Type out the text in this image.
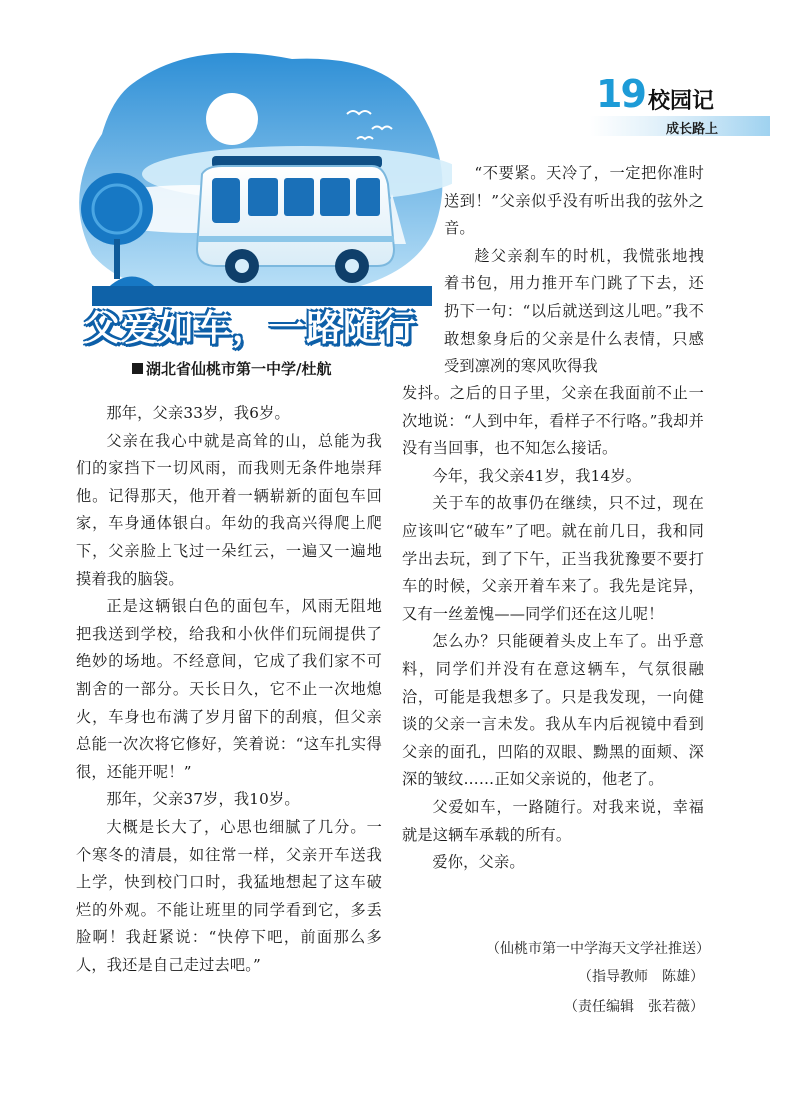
19 校园记
成长路上
父爱如车，一路随行
湖北省仙桃市第一中学/杜航

那年，父亲33岁，我6岁。

父亲在我心中就是高耸的山，总能为我们的家挡下一切风雨，而我则无条件地崇拜他。记得那天，他开着一辆崭新的面包车回家，车身通体银白。年幼的我高兴得爬上爬下，父亲脸上飞过一朵红云，一遍又一遍地摸着我的脑袋。

正是这辆银白色的面包车，风雨无阻地把我送到学校，给我和小伙伴们玩闹提供了绝妙的场地。不经意间，它成了我们家不可割舍的一部分。天长日久，它不止一次地熄火，车身也布满了岁月留下的刮痕，但父亲总能一次次将它修好，笑着说：“这车扎实得很，还能开呢！”

那年，父亲37岁，我10岁。

大概是长大了，心思也细腻了几分。一个寒冬的清晨，如往常一样，父亲开车送我上学，快到校门口时，我猛地想起了这车破烂的外观。不能让班里的同学看到它，多丢脸啊！我赶紧说：“快停下吧，前面那么多人，我还是自己走过去吧。”

“不要紧。天冷了，一定把你准时送到！”父亲似乎没有听出我的弦外之音。

趁父亲刹车的时机，我慌张地拽着书包，用力推开车门跳了下去，还扔下一句：“以后就送到这儿吧。”我不敢想象身后的父亲是什么表情，只感受到凛冽的寒风吹得我

发抖。之后的日子里，父亲在我面前不止一次地说：“人到中年，看样子不行咯。”我却并没有当回事，也不知怎么接话。

今年，我父亲41岁，我14岁。

关于车的故事仍在继续，只不过，现在应该叫它“破车”了吧。就在前几日，我和同学出去玩，到了下午，正当我犹豫要不要打车的时候，父亲开着车来了。我先是诧异，又有一丝羞愧——同学们还在这儿呢！

怎么办？只能硬着头皮上车了。出乎意料，同学们并没有在意这辆车，气氛很融洽，可能是我想多了。只是我发现，一向健谈的父亲一言未发。我从车内后视镜中看到父亲的面孔，凹陷的双眼、黝黑的面颊、深深的皱纹……正如父亲说的，他老了。

父爱如车，一路随行。对我来说，幸福就是这辆车承载的所有。

爱你，父亲。

（仙桃市第一中学海天文学社推送）
（指导教师　陈雄）
（责任编辑　张若薇）
